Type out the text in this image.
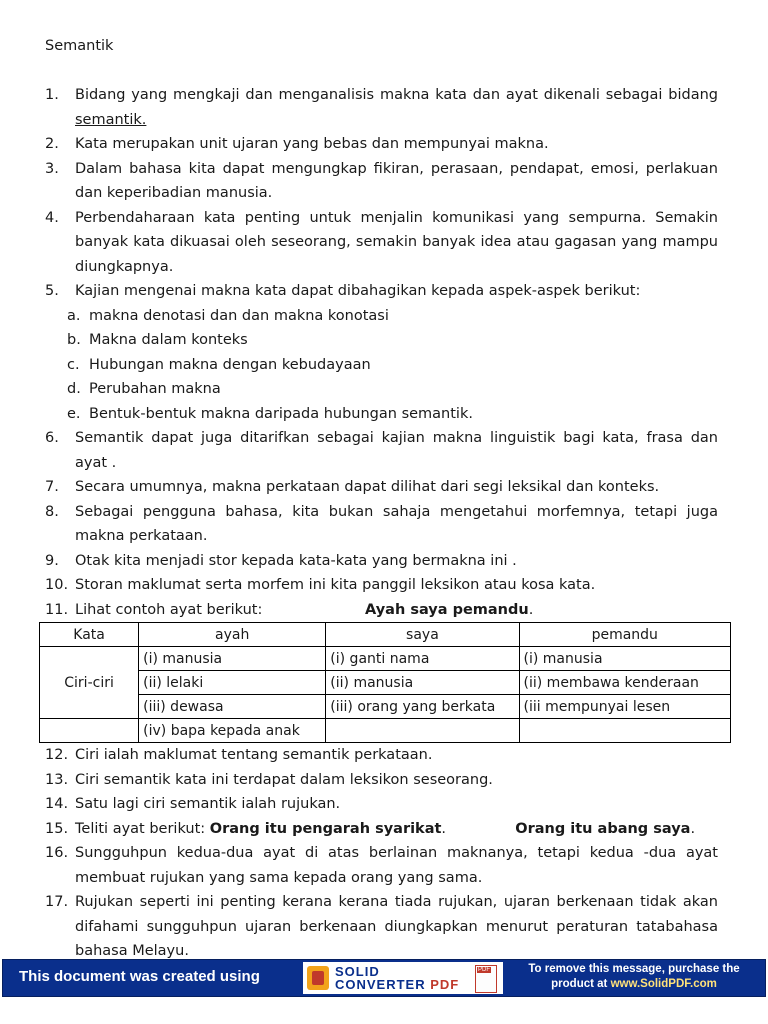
Semantik
1.	Bidang yang mengkaji dan menganalisis makna kata dan ayat dikenali sebagai bidang semantik.
2.	Kata merupakan unit ujaran yang bebas dan mempunyai makna.
3.	Dalam bahasa kita dapat mengungkap fikiran, perasaan, pendapat, emosi, perlakuan dan keperibadian manusia.
4.	Perbendaharaan kata penting untuk menjalin komunikasi yang sempurna. Semakin banyak kata dikuasai oleh seseorang, semakin banyak idea atau gagasan yang mampu diungkapnya.
5.	Kajian mengenai makna kata dapat dibahagikan kepada aspek-aspek berikut:
a. makna denotasi dan dan makna konotasi
b. Makna dalam konteks
c. Hubungan makna dengan kebudayaan
d. Perubahan makna
e. Bentuk-bentuk makna daripada hubungan semantik.
6.	Semantik dapat juga ditarifkan sebagai kajian makna linguistik bagi kata, frasa dan ayat .
7.	Secara umumnya, makna perkataan dapat dilihat dari segi leksikal dan konteks.
8.	Sebagai pengguna bahasa, kita bukan sahaja mengetahui morfemnya, tetapi juga makna perkataan.
9.	Otak kita menjadi stor kepada kata-kata yang bermakna ini .
10. Storan maklumat serta morfem ini kita panggil leksikon atau kosa kata.
11. Lihat contoh ayat berikut:	Ayah saya pemandu.
Kata	ayah	saya	pemandu
Ciri-ciri	(i) manusia	(i) ganti nama	(i) manusia
	(ii) lelaki	(ii) manusia	(ii) membawa kenderaan
	(iii) dewasa	(iii) orang yang berkata	(iii mempunyai lesen
	(iv) bapa kepada anak		
12. Ciri ialah maklumat tentang semantik perkataan.
13. Ciri semantik kata ini terdapat dalam leksikon seseorang.
14. Satu lagi ciri semantik ialah rujukan.
15. Teliti ayat berikut: Orang itu pengarah syarikat.	Orang itu abang saya.
16. Sungguhpun kedua-dua ayat di atas berlainan maknanya, tetapi kedua -dua ayat membuat rujukan yang sama kepada orang yang sama.
17. Rujukan seperti ini penting kerana kerana tiada rujukan, ujaran berkenaan tidak akan difahami sungguhpun ujaran berkenaan diungkapkan menurut peraturan tatabahasa bahasa Melayu.
This document was created using	SOLID
CONVERTER PDF
PDF	To remove this message, purchase the
product at www.SolidPDF.com
